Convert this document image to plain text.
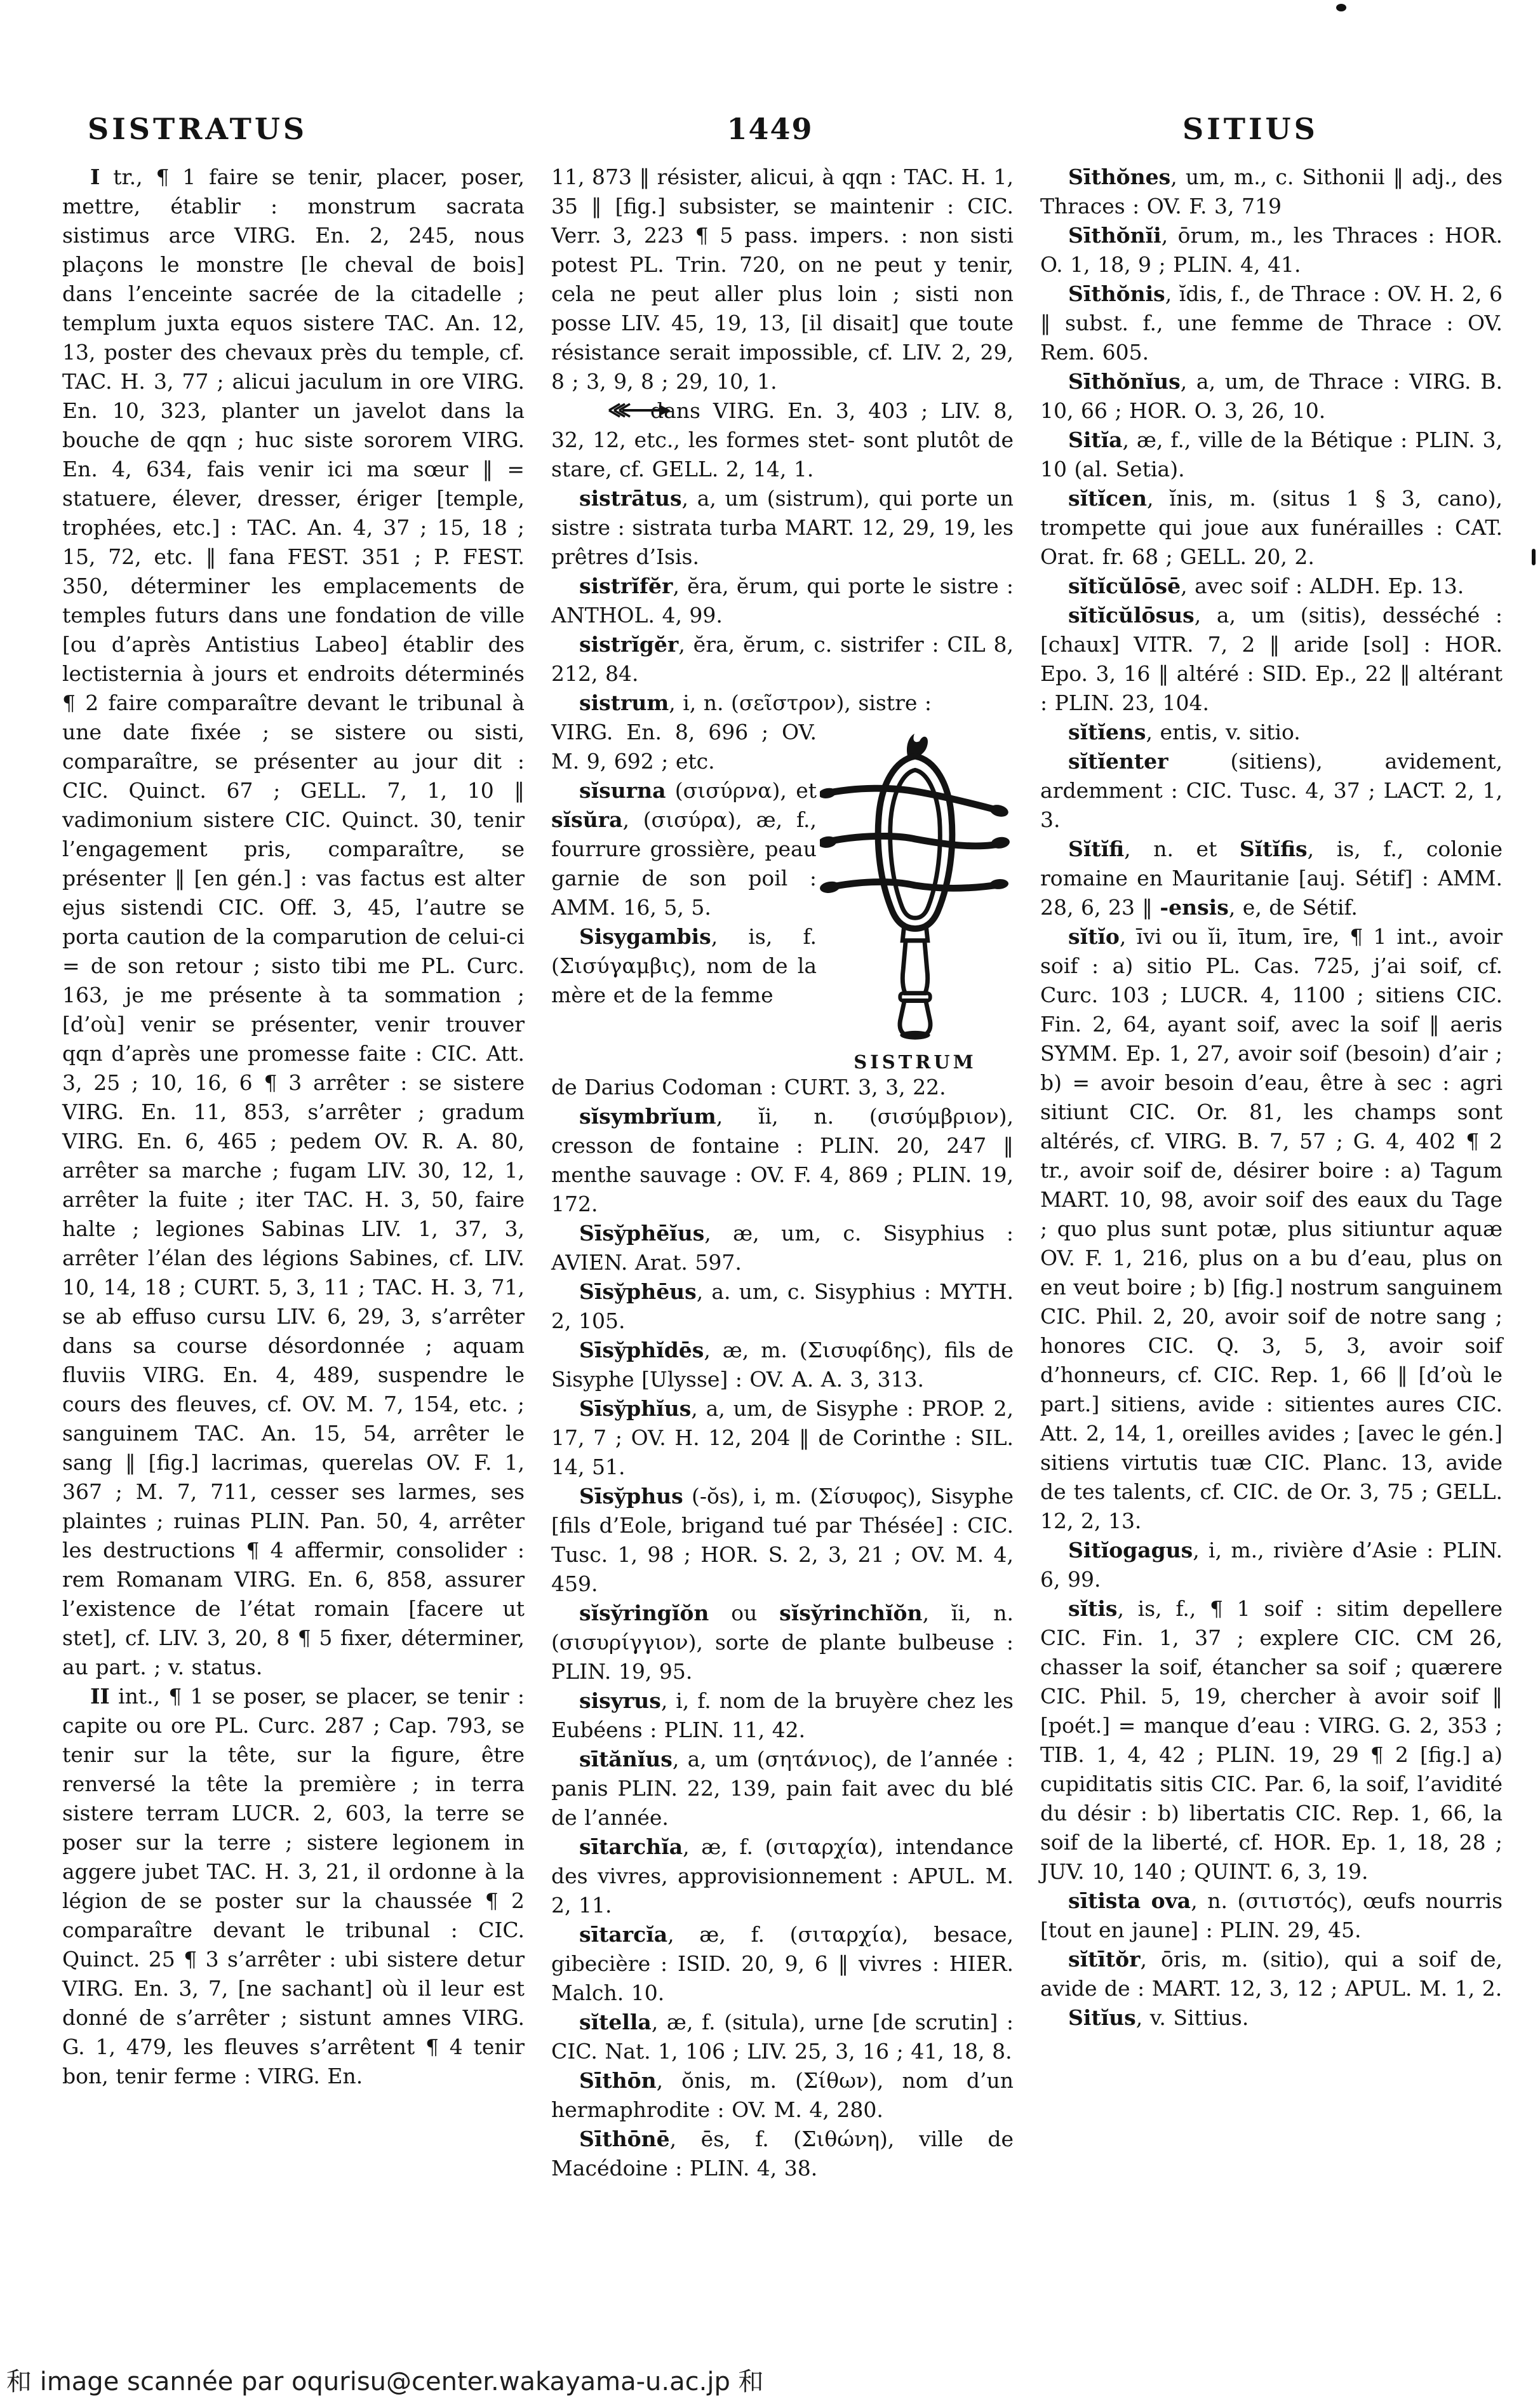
SISTRATUS	1449	SITIUS

I tr., ¶ 1 faire se tenir, placer, poser, mettre, établir : monstrum sacrata sistimus arce VIRG. En. 2, 245, nous plaçons le monstre [le cheval de bois] dans l’enceinte sacrée de la citadelle ; templum juxta equos sistere TAC. An. 12, 13, poster des chevaux près du temple, cf. TAC. H. 3, 77 ; alicui jaculum in ore VIRG. En. 10, 323, planter un javelot dans la bouche de qqn ; huc siste sororem VIRG. En. 4, 634, fais venir ici ma sœur ‖ = statuere, élever, dresser, ériger [temple, trophées, etc.] : TAC. An. 4, 37 ; 15, 18 ; 15, 72, etc. ‖ fana FEST. 351 ; P. FEST. 350, déterminer les emplacements de temples futurs dans une fondation de ville [ou d’après Antistius Labeo] établir des lectisternia à jours et endroits déterminés ¶ 2 faire comparaître devant le tribunal à une date fixée ; se sistere ou sisti, comparaître, se présenter au jour dit : CIC. Quinct. 67 ; GELL. 7, 1, 10 ‖ vadimonium sistere CIC. Quinct. 30, tenir l’engagement pris, comparaître, se présenter ‖ [en gén.] : vas factus est alter ejus sistendi CIC. Off. 3, 45, l’autre se porta caution de la comparution de celui-ci = de son retour ; sisto tibi me PL. Curc. 163, je me présente à ta sommation ; [d’où] venir se présenter, venir trouver qqn d’après une promesse faite : CIC. Att. 3, 25 ; 10, 16, 6 ¶ 3 arrêter : se sistere VIRG. En. 11, 853, s’arrêter ; gradum VIRG. En. 6, 465 ; pedem OV. R. A. 80, arrêter sa marche ; fugam LIV. 30, 12, 1, arrêter la fuite ; iter TAC. H. 3, 50, faire halte ; legiones Sabinas LIV. 1, 37, 3, arrêter l’élan des légions Sabines, cf. LIV. 10, 14, 18 ; CURT. 5, 3, 11 ; TAC. H. 3, 71, se ab effuso cursu LIV. 6, 29, 3, s’arrêter dans sa course désordonnée ; aquam fluviis VIRG. En. 4, 489, suspendre le cours des fleuves, cf. OV. M. 7, 154, etc. ; sanguinem TAC. An. 15, 54, arrêter le sang ‖ [fig.] lacrimas, querelas OV. F. 1, 367 ; M. 7, 711, cesser ses larmes, ses plaintes ; ruinas PLIN. Pan. 50, 4, arrêter les destructions ¶ 4 affermir, consolider : rem Romanam VIRG. En. 6, 858, assurer l’existence de l’état romain [facere ut stet], cf. LIV. 3, 20, 8 ¶ 5 fixer, déterminer, au part. ; v. status.

II int., ¶ 1 se poser, se placer, se tenir : capite ou ore PL. Curc. 287 ; Cap. 793, se tenir sur la tête, sur la figure, être renversé la tête la première ; in terra sistere terram LUCR. 2, 603, la terre se poser sur la terre ; sistere legionem in aggere jubet TAC. H. 3, 21, il ordonne à la légion de se poster sur la chaussée ¶ 2 comparaître devant le tribunal : CIC. Quinct. 25 ¶ 3 s’arrêter : ubi sistere detur VIRG. En. 3, 7, [ne sachant] où il leur est donné de s’arrêter ; sistunt amnes VIRG. G. 1, 479, les fleuves s’arrêtent ¶ 4 tenir bon, tenir ferme : VIRG. En.

11, 873 ‖ résister, alicui, à qqn : TAC. H. 1, 35 ‖ [fig.] subsister, se maintenir : CIC. Verr. 3, 223 ¶ 5 pass. impers. : non sisti potest PL. Trin. 720, on ne peut y tenir, cela ne peut aller plus loin ; sisti non posse LIV. 45, 19, 13, [il disait] que toute résistance serait impossible, cf. LIV. 2, 29, 8 ; 3, 9, 8 ; 29, 10, 1.

dans VIRG. En. 3, 403 ; LIV. 8, 32, 12, etc., les formes stet- sont plutôt de stare, cf. GELL. 2, 14, 1.

sistrātus, a, um (sistrum), qui porte un sistre : sistrata turba MART. 12, 29, 19, les prêtres d’Isis.

sistrĭfĕr, ĕra, ĕrum, qui porte le sistre : ANTHOL. 4, 99.

sistrĭgĕr, ĕra, ĕrum, c. sistrifer : CIL 8, 212, 84.

sistrum, i, n. (σεῖστρον), sistre :

VIRG. En. 8, 696 ; OV. M. 9, 692 ; etc.

sĭsurna (σισύρνα), et sĭsŭra, (σισύρα), æ, f., fourrure grossière, peau garnie de son poil : AMM. 16, 5, 5.

Sisygambis, is, f. (Σισύγαμβις), nom de la mère et de la femme

SISTRUM

de Darius Codoman : CURT. 3, 3, 22.

sĭsymbrĭum, ĭi, n. (σισύμβριον), cresson de fontaine : PLIN. 20, 247 ‖ menthe sauvage : OV. F. 4, 869 ; PLIN. 19, 172.

Sīsy̆phēĭus, æ, um, c. Sisyphius : AVIEN. Arat. 597.

Sīsy̆phēus, a. um, c. Sisyphius : MYTH. 2, 105.

Sīsy̆phĭdēs, æ, m. (Σισυφίδης), fils de Sisyphe [Ulysse] : OV. A. A. 3, 313.

Sīsy̆phĭus, a, um, de Sisyphe : PROP. 2, 17, 7 ; OV. H. 12, 204 ‖ de Corinthe : SIL. 14, 51.

Sīsy̆phus (-ŏs), i, m. (Σίσυφος), Sisyphe [fils d’Eole, brigand tué par Thésée] : CIC. Tusc. 1, 98 ; HOR. S. 2, 3, 21 ; OV. M. 4, 459.

sĭsy̆ringĭŏn ou sĭsy̆rinchĭŏn, ĭi, n. (σισυρίγγιον), sorte de plante bulbeuse : PLIN. 19, 95.

sisyrus, i, f. nom de la bruyère chez les Eubéens : PLIN. 11, 42.

sītănĭus, a, um (σητάνιος), de l’année : panis PLIN. 22, 139, pain fait avec du blé de l’année.

sītarchĭa, æ, f. (σιταρχία), intendance des vivres, approvisionnement : APUL. M. 2, 11.

sītarcĭa, æ, f. (σιταρχία), besace, gibecière : ISID. 20, 9, 6 ‖ vivres : HIER. Malch. 10.

sĭtella, æ, f. (situla), urne [de scrutin] : CIC. Nat. 1, 106 ; LIV. 25, 3, 16 ; 41, 18, 8.

Sīthōn, ŏnis, m. (Σίθων), nom d’un hermaphrodite : OV. M. 4, 280.

Sīthōnē, ēs, f. (Σιθώνη), ville de Macédoine : PLIN. 4, 38.

Sīthŏnes, um, m., c. Sithonii ‖ adj., des Thraces : OV. F. 3, 719

Sīthŏnĭi, ōrum, m., les Thraces : HOR. O. 1, 18, 9 ; PLIN. 4, 41.

Sīthŏnis, ĭdis, f., de Thrace : OV. H. 2, 6 ‖ subst. f., une femme de Thrace : OV. Rem. 605.

Sīthŏnĭus, a, um, de Thrace : VIRG. B. 10, 66 ; HOR. O. 3, 26, 10.

Sitĭa, æ, f., ville de la Bétique : PLIN. 3, 10 (al. Setia).

sĭtĭcen, ĭnis, m. (situs 1 § 3, cano), trompette qui joue aux funérailles : CAT. Orat. fr. 68 ; GELL. 20, 2.

sĭtĭcŭlōsē, avec soif : ALDH. Ep. 13.

sĭtĭcŭlōsus, a, um (sitis), desséché : [chaux] VITR. 7, 2 ‖ aride [sol] : HOR. Epo. 3, 16 ‖ altéré : SID. Ep., 22 ‖ altérant : PLIN. 23, 104.

sĭtĭens, entis, v. sitio.

sĭtĭenter (sitiens), avidement, ardemment : CIC. Tusc. 4, 37 ; LACT. 2, 1, 3.

Sĭtĭfi, n. et Sĭtĭfis, is, f., colonie romaine en Mauritanie [auj. Sétif] : AMM. 28, 6, 23 ‖ -ensis, e, de Sétif.

sĭtĭo, īvi ou ĭi, ītum, īre, ¶ 1 int., avoir soif : a) sitio PL. Cas. 725, j’ai soif, cf. Curc. 103 ; LUCR. 4, 1100 ; sitiens CIC. Fin. 2, 64, ayant soif, avec la soif ‖ aeris SYMM. Ep. 1, 27, avoir soif (besoin) d’air ; b) = avoir besoin d’eau, être à sec : agri sitiunt CIC. Or. 81, les champs sont altérés, cf. VIRG. B. 7, 57 ; G. 4, 402 ¶ 2 tr., avoir soif de, désirer boire : a) Tagum MART. 10, 98, avoir soif des eaux du Tage ; quo plus sunt potæ, plus sitiuntur aquæ OV. F. 1, 216, plus on a bu d’eau, plus on en veut boire ; b) [fig.] nostrum sanguinem CIC. Phil. 2, 20, avoir soif de notre sang ; honores CIC. Q. 3, 5, 3, avoir soif d’honneurs, cf. CIC. Rep. 1, 66 ‖ [d’où le part.] sitiens, avide : sitientes aures CIC. Att. 2, 14, 1, oreilles avides ; [avec le gén.] sitiens virtutis tuæ CIC. Planc. 13, avide de tes talents, cf. CIC. de Or. 3, 75 ; GELL. 12, 2, 13.

Sitĭogagus, i, m., rivière d’Asie : PLIN. 6, 99.

sĭtis, is, f., ¶ 1 soif : sitim depellere CIC. Fin. 1, 37 ; explere CIC. CM 26, chasser la soif, étancher sa soif ; quærere CIC. Phil. 5, 19, chercher à avoir soif ‖ [poét.] = manque d’eau : VIRG. G. 2, 353 ; TIB. 1, 4, 42 ; PLIN. 19, 29 ¶ 2 [fig.] a) cupiditatis sitis CIC. Par. 6, la soif, l’avidité du désir : b) libertatis CIC. Rep. 1, 66, la soif de la liberté, cf. HOR. Ep. 1, 18, 28 ; JUV. 10, 140 ; QUINT. 6, 3, 19.

sītista ova, n. (σιτιστός), œufs nourris [tout en jaune] : PLIN. 29, 45.

sĭtītŏr, ōris, m. (sitio), qui a soif de, avide de : MART. 12, 3, 12 ; APUL. M. 1, 2.

Sitĭus, v. Sittius.

和 image scannée par oqurisu@center.wakayama-u.ac.jp 和
